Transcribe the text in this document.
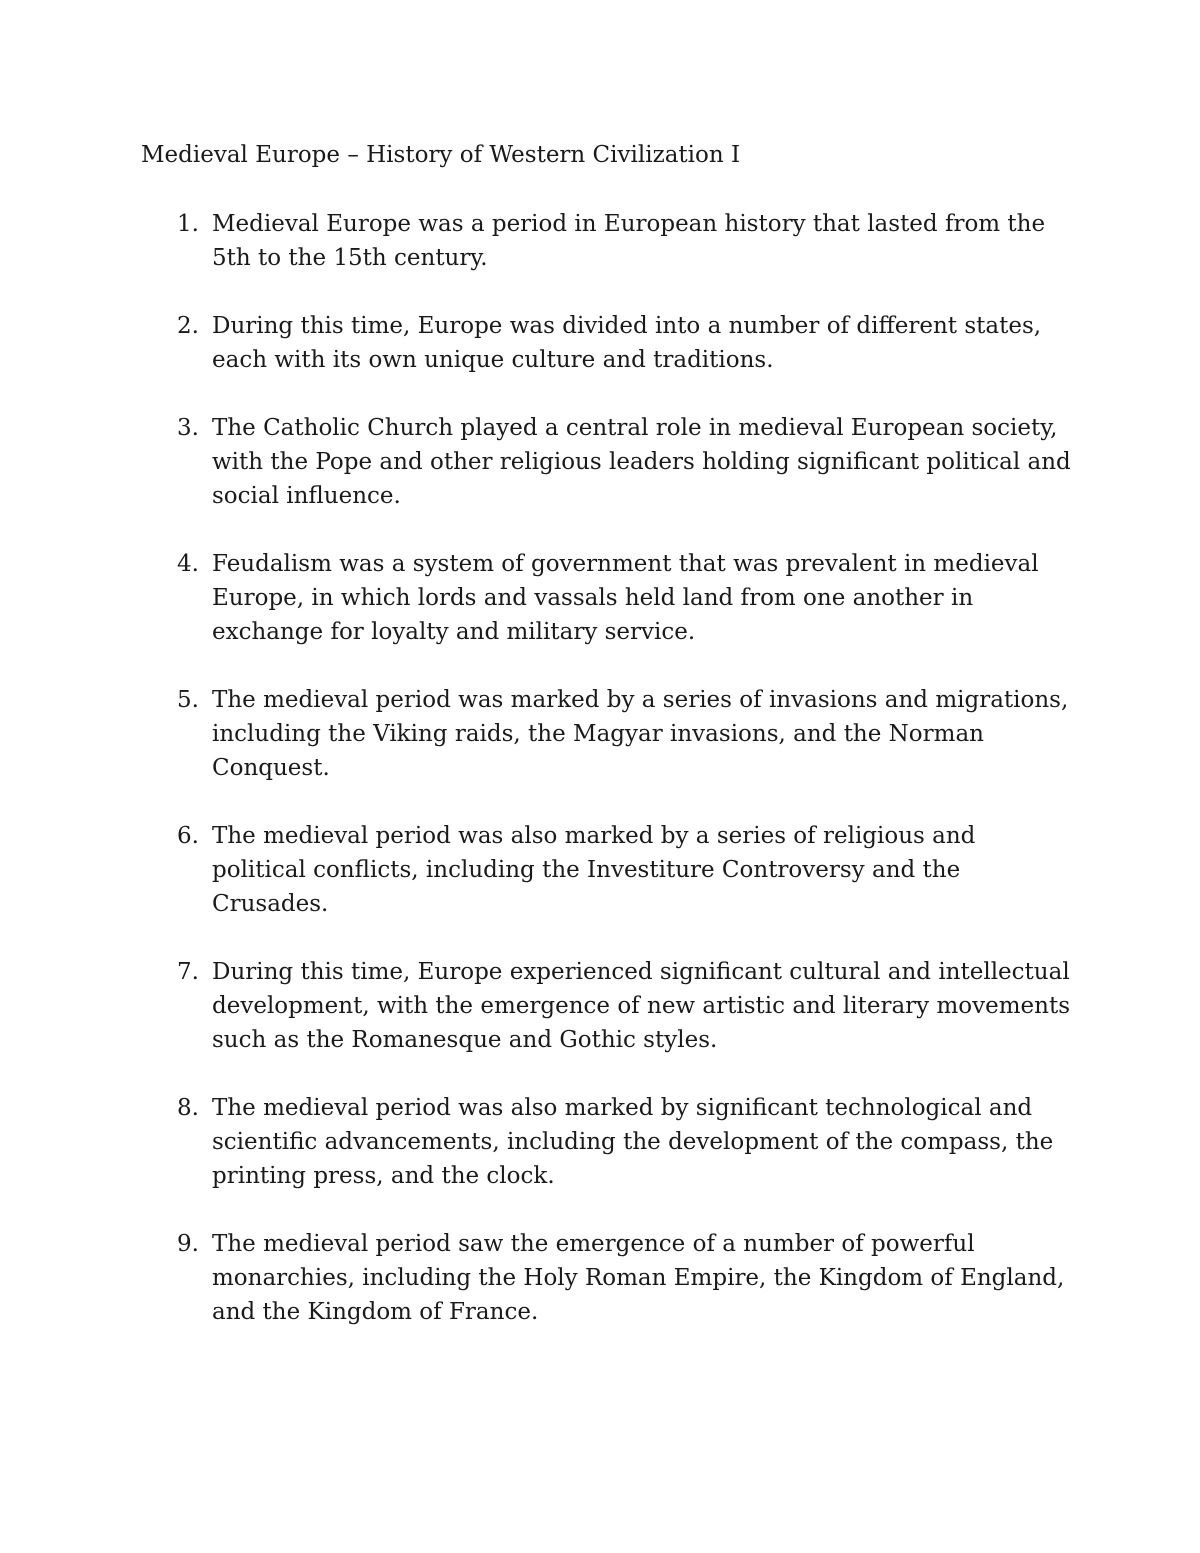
Medieval Europe – History of Western Civilization I
1. Medieval Europe was a period in European history that lasted from the 5th to the 15th century.
2. During this time, Europe was divided into a number of different states, each with its own unique culture and traditions.
3. The Catholic Church played a central role in medieval European society, with the Pope and other religious leaders holding significant political and social influence.
4. Feudalism was a system of government that was prevalent in medieval Europe, in which lords and vassals held land from one another in exchange for loyalty and military service.
5. The medieval period was marked by a series of invasions and migrations, including the Viking raids, the Magyar invasions, and the Norman Conquest.
6. The medieval period was also marked by a series of religious and political conflicts, including the Investiture Controversy and the Crusades.
7. During this time, Europe experienced significant cultural and intellectual development, with the emergence of new artistic and literary movements such as the Romanesque and Gothic styles.
8. The medieval period was also marked by significant technological and scientific advancements, including the development of the compass, the printing press, and the clock.
9. The medieval period saw the emergence of a number of powerful monarchies, including the Holy Roman Empire, the Kingdom of England, and the Kingdom of France.
